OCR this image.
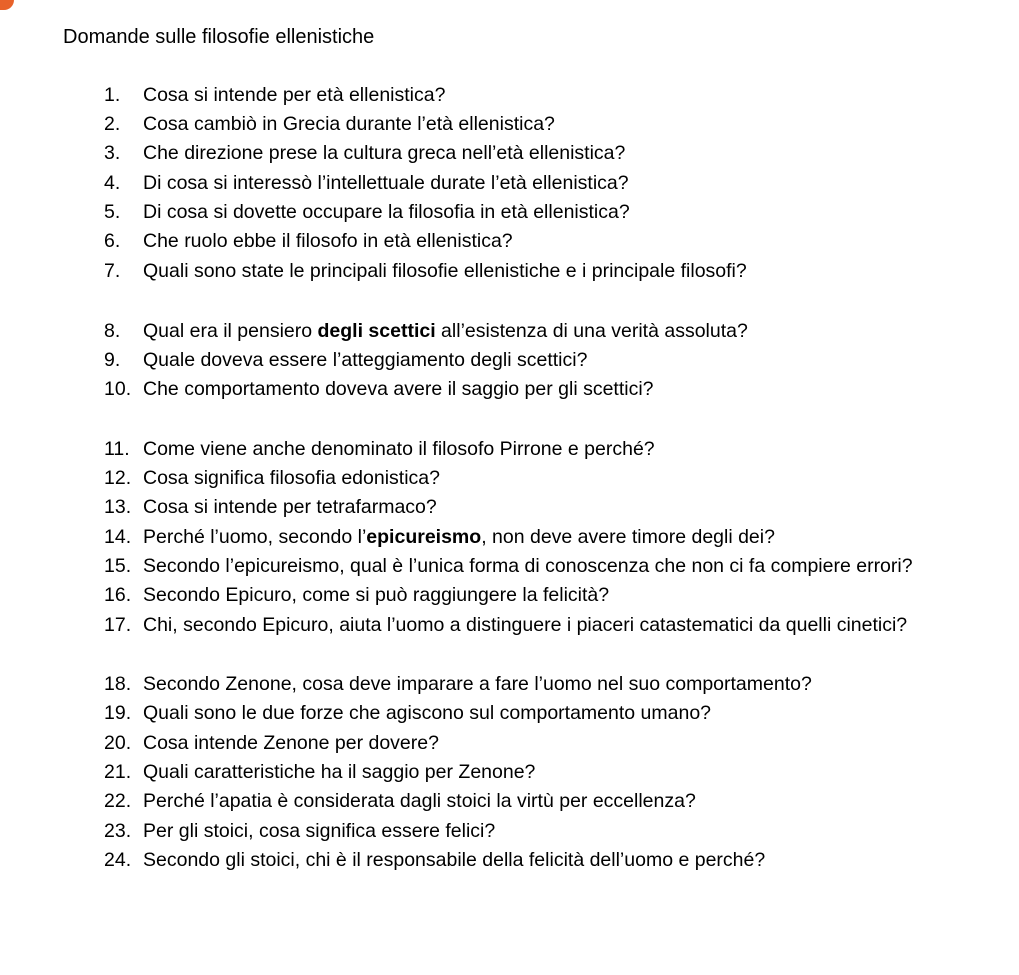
Domande sulle filosofie ellenistiche
1.	Cosa si intende per età ellenistica?
2.	Cosa cambiò in Grecia durante l’età ellenistica?
3.	Che direzione prese la cultura greca nell’età ellenistica?
4.	Di cosa si interessò l’intellettuale durate l’età ellenistica?
5.	Di cosa si dovette occupare la filosofia in età ellenistica?
6.	Che ruolo ebbe il filosofo in età ellenistica?
7.	Quali sono state le principali filosofie ellenistiche e i principale filosofi?
8.	Qual era il pensiero degli scettici all’esistenza di una verità assoluta?
9.	Quale doveva essere l’atteggiamento degli scettici?
10. Che comportamento doveva avere il saggio per gli scettici?
11. Come viene anche denominato il filosofo Pirrone e perché?
12. Cosa significa filosofia edonistica?
13. Cosa si intende per tetrafarmaco?
14. Perché l’uomo, secondo l’epicureismo, non deve avere timore degli dei?
15. Secondo l’epicureismo, qual è l’unica forma di conoscenza che non ci fa compiere errori?
16. Secondo Epicuro, come si può raggiungere la felicità?
17. Chi, secondo Epicuro, aiuta l’uomo a distinguere i piaceri catastematici da quelli cinetici?
18. Secondo Zenone, cosa deve imparare a fare l’uomo nel suo comportamento?
19. Quali sono le due forze che agiscono sul comportamento umano?
20. Cosa intende Zenone per dovere?
21. Quali caratteristiche ha il saggio per Zenone?
22. Perché l’apatia è considerata dagli stoici la virtù per eccellenza?
23. Per gli stoici, cosa significa essere felici?
24. Secondo gli stoici, chi è il responsabile della felicità dell’uomo e perché?
